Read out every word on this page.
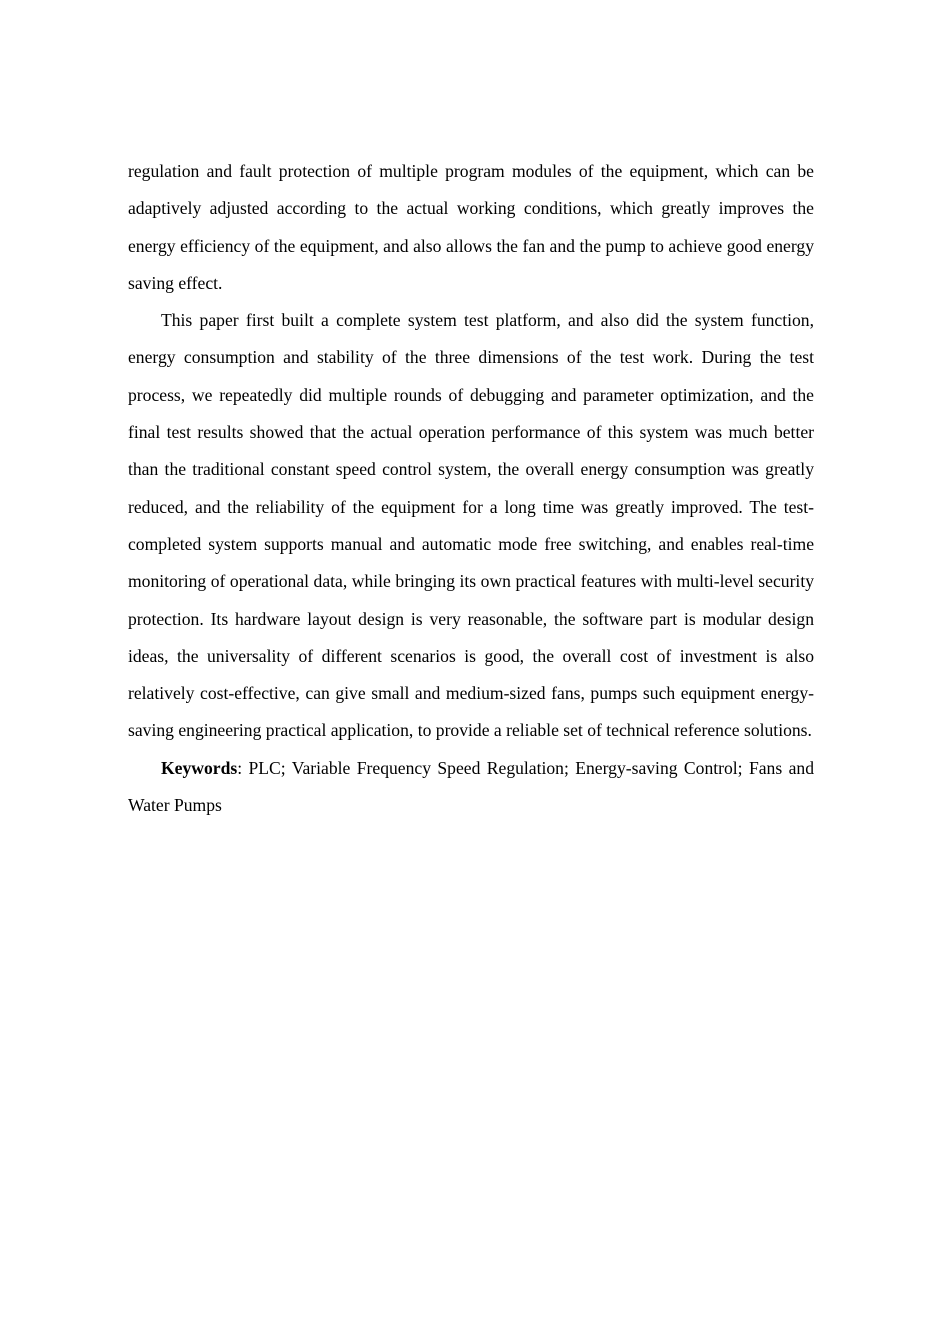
regulation and fault protection of multiple program modules of the equipment, which can be adaptively adjusted according to the actual working conditions, which greatly improves the energy efficiency of the equipment, and also allows the fan and the pump to achieve good energy saving effect.

This paper first built a complete system test platform, and also did the system function, energy consumption and stability of the three dimensions of the test work. During the test process, we repeatedly did multiple rounds of debugging and parameter optimization, and the final test results showed that the actual operation performance of this system was much better than the traditional constant speed control system, the overall energy consumption was greatly reduced, and the reliability of the equipment for a long time was greatly improved. The test-completed system supports manual and automatic mode free switching, and enables real-time monitoring of operational data, while bringing its own practical features with multi-level security protection. Its hardware layout design is very reasonable, the software part is modular design ideas, the universality of different scenarios is good, the overall cost of investment is also relatively cost-effective, can give small and medium-sized fans, pumps such equipment energy-saving engineering practical application, to provide a reliable set of technical reference solutions.

Keywords: PLC; Variable Frequency Speed Regulation; Energy-saving Control; Fans and Water Pumps
